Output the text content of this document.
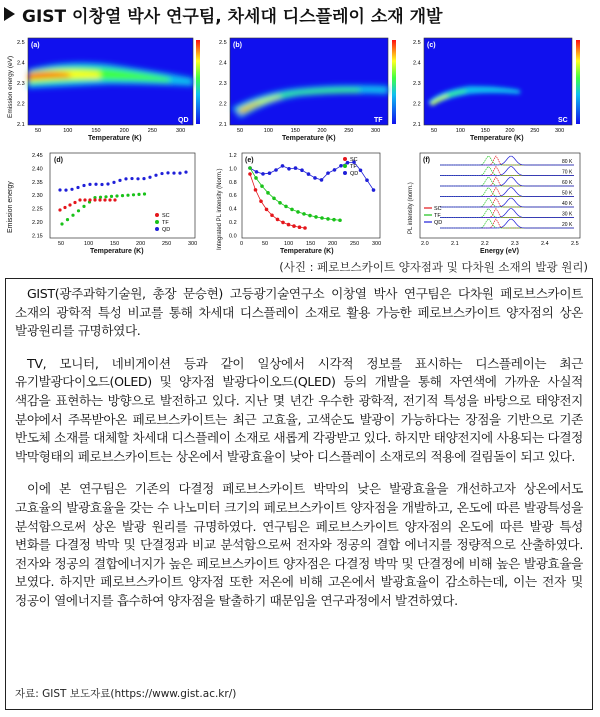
GIST 이창열 박사 연구팀, 차세대 디스플레이 소재 개발
(a)
QD
Emission energy (eV)
Temperature (K)
(b)
TF
Temperature (K)
(c)
SC
Temperature (K)
50	100	150	200	250	300
2.5
2.4
2.3
2.2
2.1
50	100	150	200	250	300
2.5
2.4
2.3
2.2
2.1
50	100	150	200	250	300
2.5
2.4
2.3
2.2
2.1
(d)
Emission energy
Temperature (K)
2.45
2.40
2.35
2.30
2.25
2.20
2.15
50	100	150	200	250	300
SC
TF
QD
(e)
Integrated PL intensity (Norm.)
Temperature (K)
1.2
1.0
0.8
0.6
0.4
0.2
0.0
0	50	100 150 200 250 300
SC
TF
QD
(f)
PL intensity (norm.)
Energy (eV)
2.0	2.1	2.2	2.3	2.4	2.5
80 K
70 K
60 K
50 K
40 K
30 K
20 K
SC
TF
QD
(사진 : 페로브스카이트 양자점과 및 다차원 소재의 발광 원리)

GIST(광주과학기술원, 총장 문승현) 고등광기술연구소 이창열 박사 연구팀은 다차원 페로브스카이트 소재의 광학적 특성 비교를 통해 차세대 디스플레이 소재로 활용 가능한 페로브스카이트 양자점의 상온 발광원리를 규명하였다.

TV, 모니터, 네비게이션 등과 같이 일상에서 시각적 정보를 표시하는 디스플레이는 최근 유기발광다이오드(OLED) 및 양자점 발광다이오드(QLED) 등의 개발을 통해 자연색에 가까운 사실적 색감을 표현하는 방향으로 발전하고 있다. 지난 몇 년간 우수한 광학적, 전기적 특성을 바탕으로 태양전지 분야에서 주목받아온 페로브스카이트는 최근 고효율, 고색순도 발광이 가능하다는 장점을 기반으로 기존 반도체 소재를 대체할 차세대 디스플레이 소재로 새롭게 각광받고 있다. 하지만 태양전지에 사용되는 다결정 박막형태의 페로브스카이트는 상온에서 발광효율이 낮아 디스플레이 소재로의 적용에 걸림돌이 되고 있다.

이에 본 연구팀은 기존의 다결정 페로브스카이트 박막의 낮은 발광효율을 개선하고자 상온에서도 고효율의 발광효율을 갖는 수 나노미터 크기의 페로브스카이트 양자점을 개발하고, 온도에 따른 발광특성을 분석함으로써 상온 발광 원리를 규명하였다. 연구팀은 페로브스카이트 양자점의 온도에 따른 발광 특성 변화를 다결정 박막 및 단결정과 비교 분석함으로써 전자와 정공의 결합 에너지를 정량적으로 산출하였다. 전자와 정공의 결합에너지가 높은 페로브스카이트 양자점은 다결정 박막 및 단결정에 비해 높은 발광효율을 보였다. 하지만 페로브스카이트 양자점 또한 저온에 비해 고온에서 발광효율이 감소하는데, 이는 전자 및 정공이 열에너지를 흡수하여 양자점을 탈출하기 때문임을 연구과정에서 발견하였다.

자료: GIST 보도자료(https://www.gist.ac.kr/)
